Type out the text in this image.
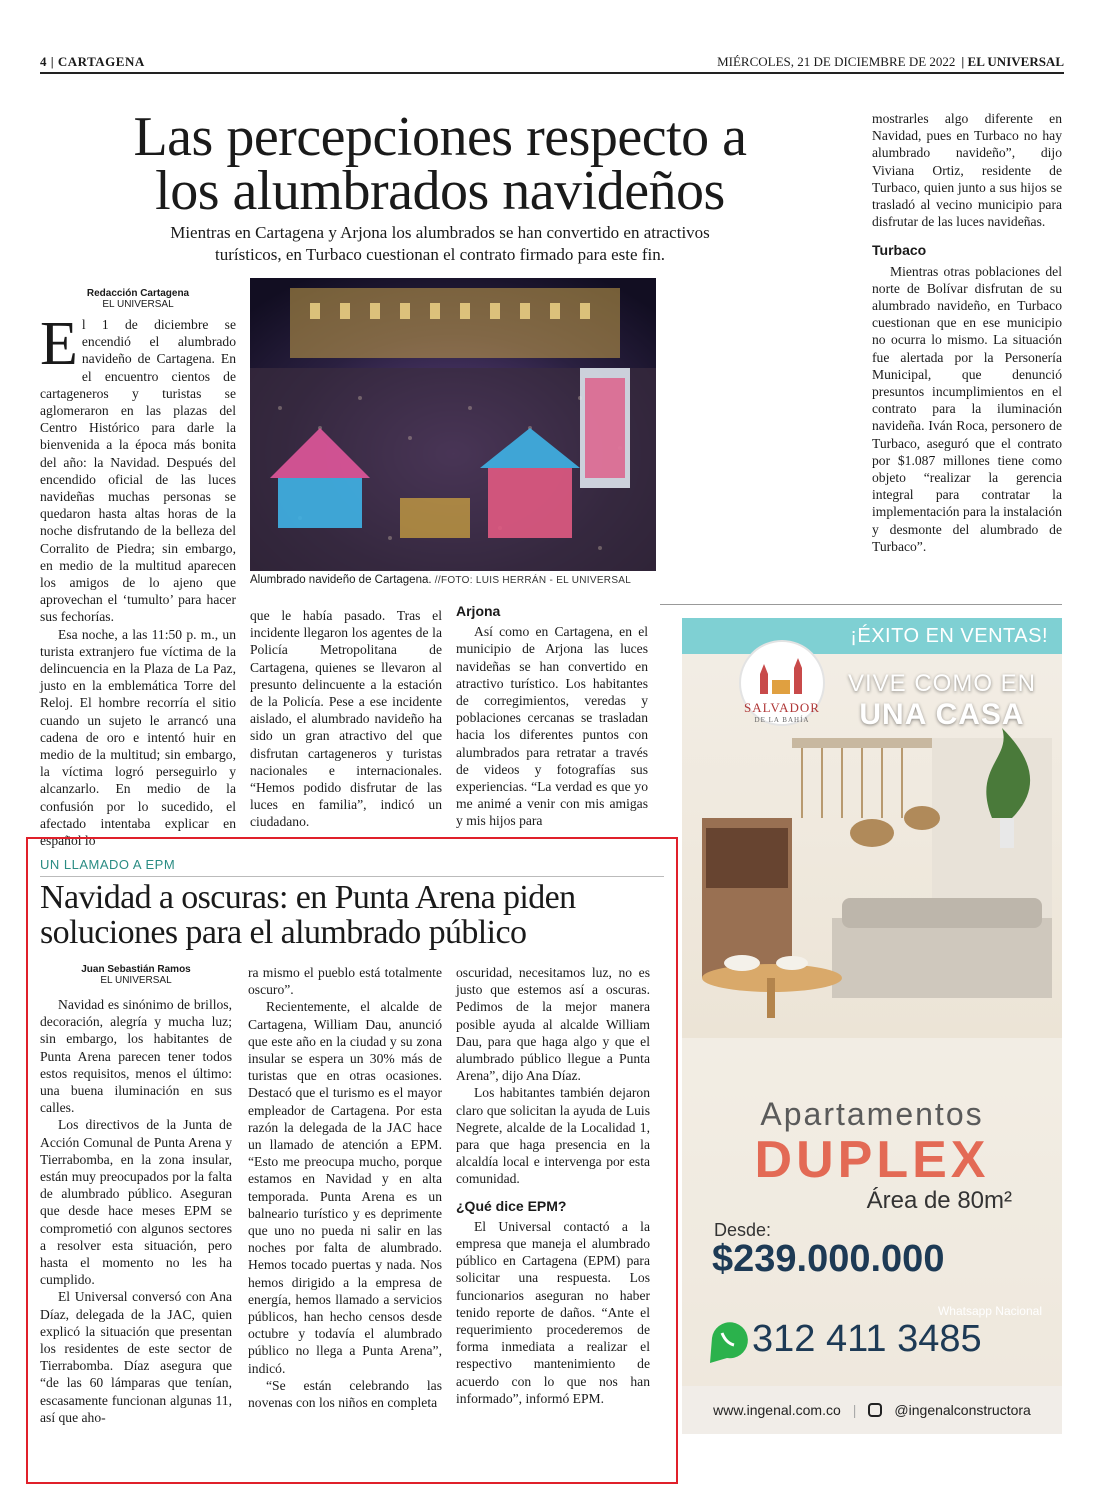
4 | CARTAGENA	MIÉRCOLES, 21 DE DICIEMBRE DE 2022 | EL UNIVERSAL
Las percepciones respecto a
los alumbrados navideños
Mientras en Cartagena y Arjona los alumbrados se han convertido en atractivos
turísticos, en Turbaco cuestionan el contrato firmado para este fin.
Redacción Cartagena
EL UNIVERSAL

El 1 de diciembre se encendió el alumbrado navideño de Cartagena. En el encuentro cientos de cartageneros y turistas se aglomeraron en las plazas del Centro Histórico para darle la bienvenida a la época más bonita del año: la Navidad. Después del encendido oficial de las luces navideñas muchas personas se quedaron hasta altas horas de la noche disfrutando de la belleza del Corralito de Piedra; sin embargo, en medio de la multitud aparecen los amigos de lo ajeno que aprovechan el ‘tumulto’ para hacer sus fechorías.

Esa noche, a las 11:50 p. m., un turista extranjero fue víctima de la delincuencia en la Plaza de La Paz, justo en la emblemática Torre del Reloj. El hombre recorría el sitio cuando un sujeto le arrancó una cadena de oro e intentó huir en medio de la multitud; sin embargo, la víctima logró perseguirlo y alcanzarlo. En medio de la confusión por lo sucedido, el afectado intentaba explicar en español lo

Alumbrado navideño de Cartagena. //FOTO: LUIS HERRÁN - EL UNIVERSAL

que le había pasado. Tras el incidente llegaron los agentes de la Policía Metropolitana de Cartagena, quienes se llevaron al presunto delincuente a la estación de la Policía. Pese a ese incidente aislado, el alumbrado navideño ha sido un gran atractivo del que disfrutan cartageneros y turistas nacionales e internacionales. “Hemos podido disfrutar de las luces en familia”, indicó un ciudadano.

Arjona

Así como en Cartagena, en el municipio de Arjona las luces navideñas se han convertido en atractivo turístico. Los habitantes de corregimientos, veredas y poblaciones cercanas se trasladan hacia los diferentes puntos con alumbrados para retratar a través de videos y fotografías sus experiencias. “La verdad es que yo me animé a venir con mis amigas y mis hijos para

mostrarles algo diferente en Navidad, pues en Turbaco no hay alumbrado navideño”, dijo Viviana Ortiz, residente de Turbaco, quien junto a sus hijos se trasladó al vecino municipio para disfrutar de las luces navideñas.

Turbaco

Mientras otras poblaciones del norte de Bolívar disfrutan de su alumbrado navideño, en Turbaco cuestionan que en ese municipio no ocurra lo mismo. La situación fue alertada por la Personería Municipal, que denunció presuntos incumplimientos en el contrato para la iluminación navideña. Iván Roca, personero de Turbaco, aseguró que el contrato por $1.087 millones tiene como objeto “realizar la gerencia integral para contratar la implementación para la instalación y desmonte del alumbrado de Turbaco”.

UN LLAMADO A EPM
Navidad a oscuras: en Punta Arena piden
soluciones para el alumbrado público
Juan Sebastián Ramos
EL UNIVERSAL

Navidad es sinónimo de brillos, decoración, alegría y mucha luz; sin embargo, los habitantes de Punta Arena parecen tener todos estos requisitos, menos el último: una buena iluminación en sus calles.

Los directivos de la Junta de Acción Comunal de Punta Arena y Tierrabomba, en la zona insular, están muy preocupados por la falta de alumbrado público. Aseguran que desde hace meses EPM se comprometió con algunos sectores a resolver esta situación, pero hasta el momento no les ha cumplido.

El Universal conversó con Ana Díaz, delegada de la JAC, quien explicó la situación que presentan los residentes de este sector de Tierrabomba. Díaz asegura que “de las 60 lámparas que tenían, escasamente funcionan algunas 11, así que aho-

ra mismo el pueblo está totalmente oscuro”.

Recientemente, el alcalde de Cartagena, William Dau, anunció que este año en la ciudad y su zona insular se espera un 30% más de turistas que en otras ocasiones. Destacó que el turismo es el mayor empleador de Cartagena. Por esta razón la delegada de la JAC hace un llamado de atención a EPM. “Esto me preocupa mucho, porque estamos en Navidad y en alta temporada. Punta Arena es un balneario turístico y es deprimente que uno no pueda ni salir en las noches por falta de alumbrado. Hemos tocado puertas y nada. Nos hemos dirigido a la empresa de energía, hemos llamado a servicios públicos, han hecho censos desde octubre y todavía el alumbrado público no llega a Punta Arena”, indicó.

“Se están celebrando las novenas con los niños en completa

oscuridad, necesitamos luz, no es justo que estemos así a oscuras. Pedimos de la mejor manera posible ayuda al alcalde William Dau, para que haga algo y que el alumbrado público llegue a Punta Arena”, dijo Ana Díaz.

Los habitantes también dejaron claro que solicitan la ayuda de Luis Negrete, alcalde de la Localidad 1, para que haga presencia en la alcaldía local e intervenga por esta comunidad.

¿Qué dice EPM?

El Universal contactó a la empresa que maneja el alumbrado público en Cartagena (EPM) para solicitar una respuesta. Los funcionarios aseguran no haber tenido reporte de daños. “Ante el requerimiento procederemos de forma inmediata a realizar el respectivo mantenimiento de acuerdo con lo que nos han informado”, informó EPM.

¡ÉXITO EN VENTAS!
SALVADOR
DE LA BAHÍA
VIVE COMO EN
UNA CASA
Apartamentos
DUPLEX
Área de 80m²
Desde:
$239.000.000
Whatsapp Nacional
312 411 3485
www.ingenal.com.co |	@ingenalconstructora
